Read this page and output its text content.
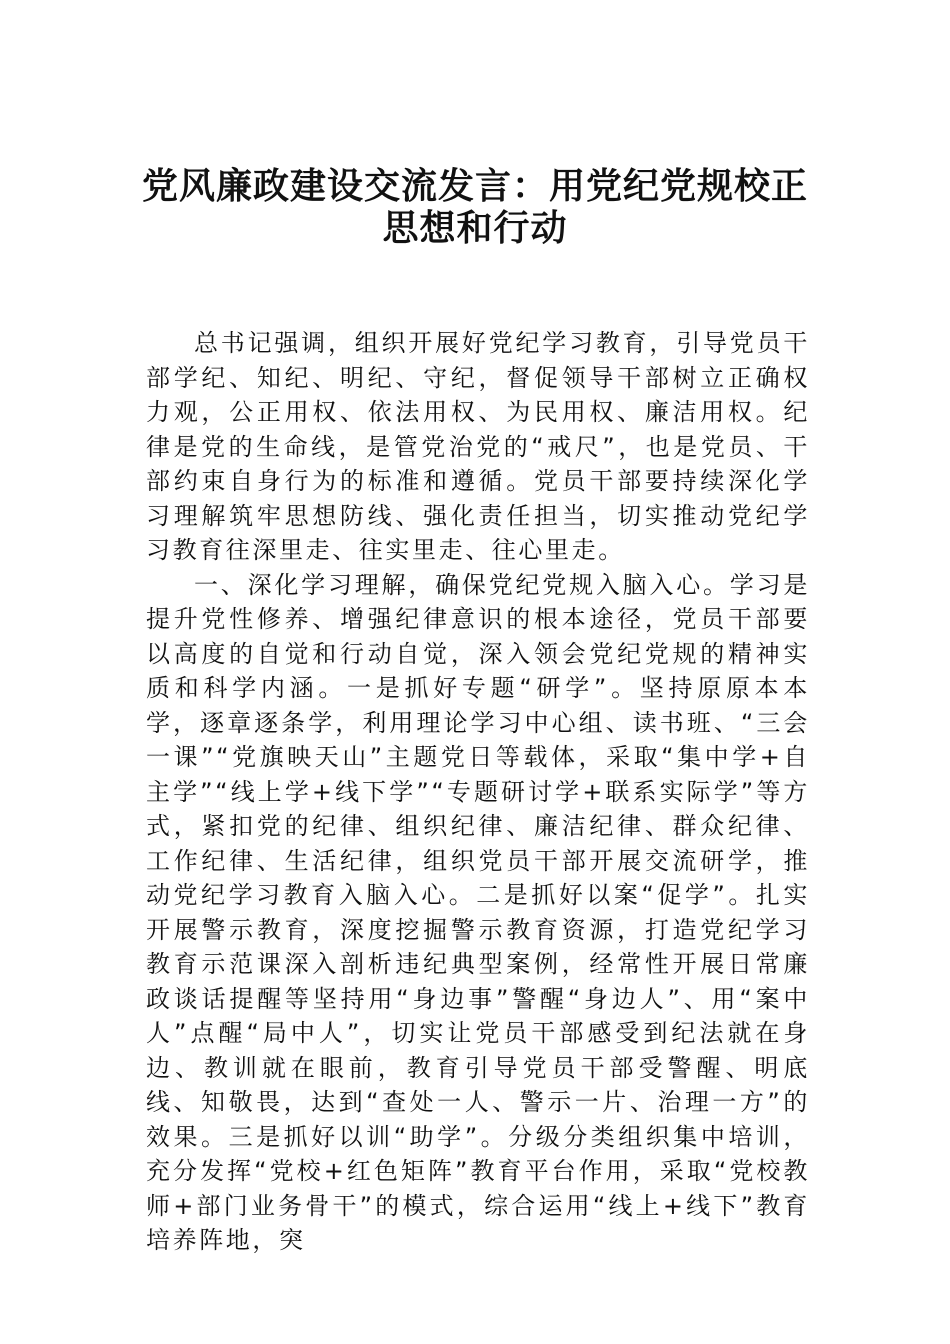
党风廉政建设交流发言：用党纪党规校正
思想和行动

总书记强调，组织开展好党纪学习教育，引导党员干部学纪、知纪、明纪、守纪，督促领导干部树立正确权力观，公正用权、依法用权、为民用权、廉洁用权。纪律是党的生命线，是管党治党的“戒尺”，也是党员、干部约束自身行为的标准和遵循。党员干部要持续深化学习理解筑牢思想防线、强化责任担当，切实推动党纪学习教育往深里走、往实里走、往心里走。

一、深化学习理解，确保党纪党规入脑入心。学习是提升党性修养、增强纪律意识的根本途径，党员干部要以高度的自觉和行动自觉，深入领会党纪党规的精神实质和科学内涵。一是抓好专题“研学”。坚持原原本本学，逐章逐条学，利用理论学习中心组、读书班、“三会一课”“党旗映天山”主题党日等载体，采取“集中学+自主学”“线上学+线下学”“专题研讨学+联系实际学”等方式，紧扣党的纪律、组织纪律、廉洁纪律、群众纪律、工作纪律、生活纪律，组织党员干部开展交流研学，推动党纪学习教育入脑入心。二是抓好以案“促学”。扎实开展警示教育，深度挖掘警示教育资源，打造党纪学习教育示范课深入剖析违纪典型案例，经常性开展日常廉政谈话提醒等坚持用“身边事”警醒“身边人”、用“案中人”点醒“局中人”，切实让党员干部感受到纪法就在身边、教训就在眼前，教育引导党员干部受警醒、明底线、知敬畏，达到“查处一人、警示一片、治理一方”的效果。三是抓好以训“助学”。分级分类组织集中培训，充分发挥“党校+红色矩阵”教育平台作用，采取“党校教师+部门业务骨干”的模式，综合运用“线上+线下”教育培养阵地，突
